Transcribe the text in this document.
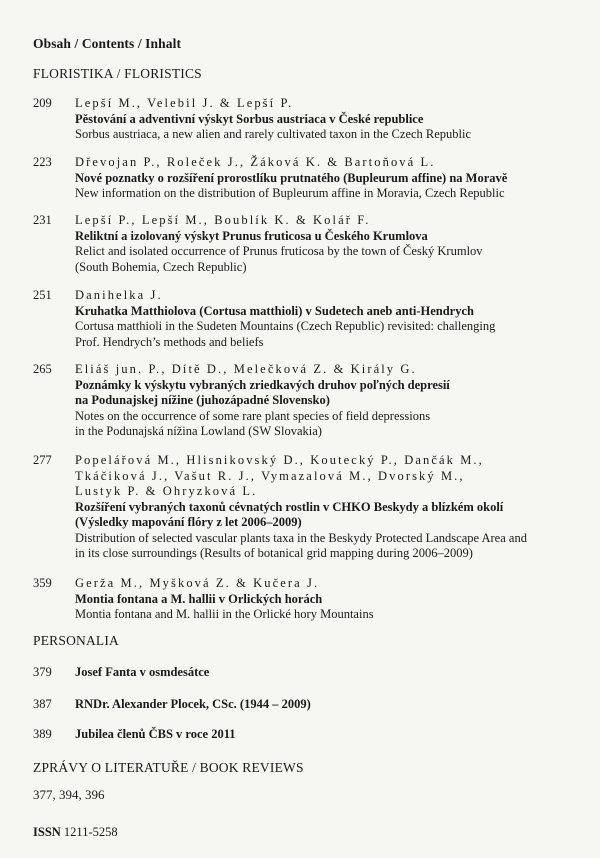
Obsah / Contents / Inhalt
FLORISTIKA / FLORISTICS
209	Lepší M., Velebil J. & Lepší P.
Pěstování a adventivní výskyt Sorbus austriaca v České republice
Sorbus austriaca, a new alien and rarely cultivated taxon in the Czech Republic
223	Dřevojan P., Roleček J., Žáková K. & Bartoňová L.
Nové poznatky o rozšíření prorostlíku prutnatého (Bupleurum affine) na Moravě
New information on the distribution of Bupleurum affine in Moravia, Czech Republic
231	Lepší P., Lepší M., Boublík K. & Kolář F.
Reliktní a izolovaný výskyt Prunus fruticosa u Českého Krumlova
Relict and isolated occurrence of Prunus fruticosa by the town of Český Krumlov
(South Bohemia, Czech Republic)
251	Danihelka J.
Kruhatka Matthiolova (Cortusa matthioli) v Sudetech aneb anti-Hendrych
Cortusa matthioli in the Sudeten Mountains (Czech Republic) revisited: challenging
Prof. Hendrych’s methods and beliefs
265	Eliáš jun. P., Dítě D., Melečková Z. & Király G.
Poznámky k výskytu vybraných zriedkavých druhov poľných depresií
na Podunajskej nížine (juhozápadné Slovensko)
Notes on the occurrence of some rare plant species of field depressions
in the Podunajská nížina Lowland (SW Slovakia)
277	Popelářová M., Hlisnikovský D., Koutecký P., Dančák M.,
Tkáčiková J., Vašut R. J., Vymazalová M., Dvorský M.,
Lustyk P. & Ohryzková L.
Rozšíření vybraných taxonů cévnatých rostlin v CHKO Beskydy a blízkém okolí
(Výsledky mapování flóry z let 2006–2009)
Distribution of selected vascular plants taxa in the Beskydy Protected Landscape Area and
in its close surroundings (Results of botanical grid mapping during 2006–2009)
359	Gerža M., Myšková Z. & Kučera J.
Montia fontana a M. hallii v Orlických horách
Montia fontana and M. hallii in the Orlické hory Mountains
PERSONALIA
379 Josef Fanta v osmdesátce
387 RNDr. Alexander Plocek, CSc. (1944 – 2009)
389 Jubilea členů ČBS v roce 2011
ZPRÁVY O LITERATUŘE / BOOK REVIEWS
377, 394, 396
ISSN 1211-5258
